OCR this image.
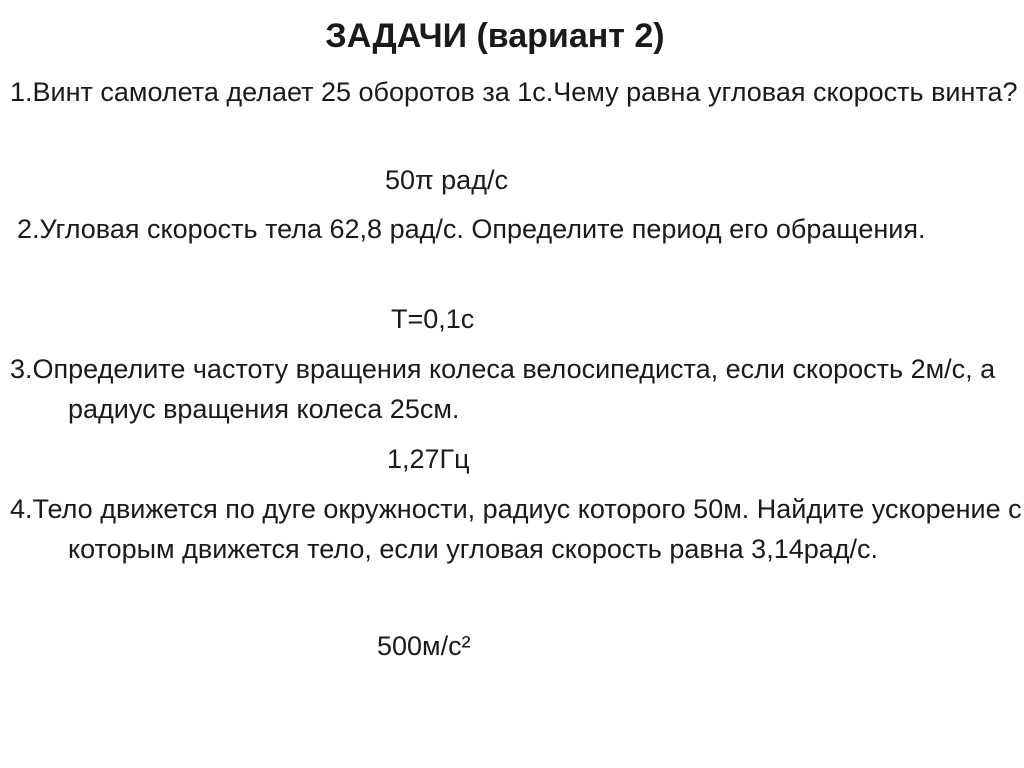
ЗАДАЧИ (вариант 2)

1.Винт самолета делает 25 оборотов за 1с.Чему равна угловая скорость винта?

50π рад/с

2.Угловая скорость тела 62,8 рад/с. Определите период его обращения.

Т=0,1с

3.Определите частоту вращения колеса велосипедиста, если скорость 2м/с, а радиус вращения колеса 25см.

1,27Гц

4.Тело движется по дуге окружности, радиус которого 50м. Найдите ускорение с которым движется тело, если угловая скорость равна 3,14рад/с.

500м/с²
